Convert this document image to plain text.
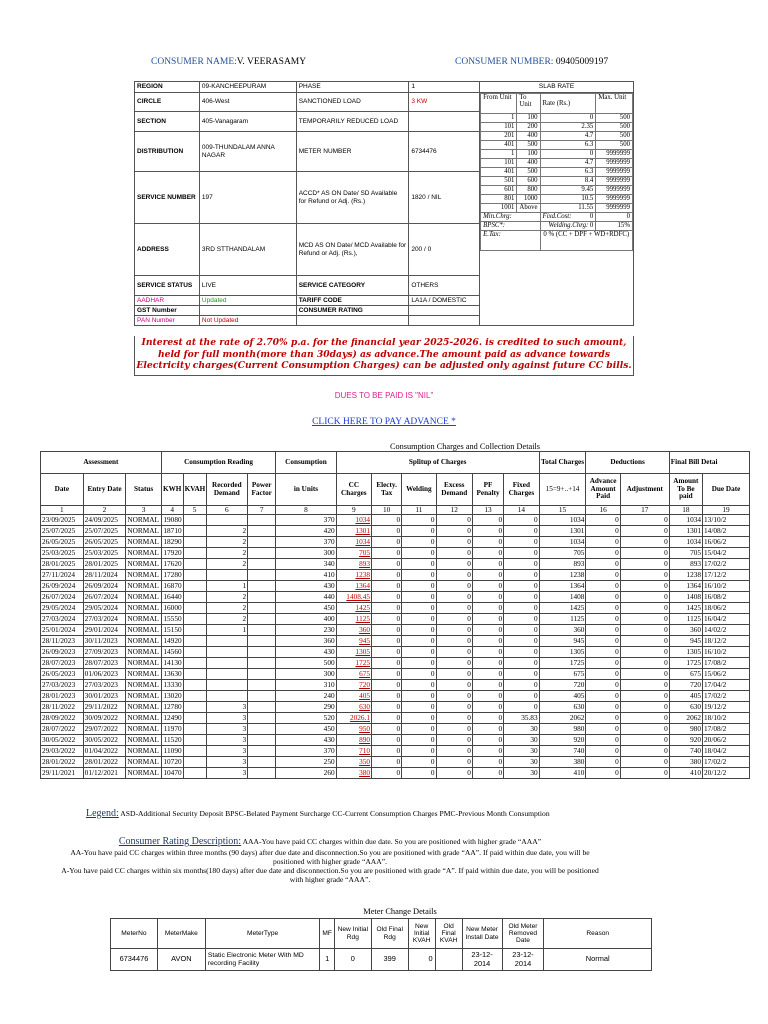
CONSUMER NAME:V. VEERASAMY	CONSUMER NUMBER: 09405009197
REGION	09-KANCHEEPURAM	PHASE	1	SLAB RATE
CIRCLE	406-West	SANCTIONED LOAD	3 KW	
From Unit	To Unit	Rate (Rs.)	Max. Unit
1	100	0	500
101	200	2.35	500
201	400	4.7	500
401	500	6.3	500
1	100	0	9999999
101	400	4.7	9999999
401	500	6.3	9999999
501	600	8.4	9999999
601	800	9.45	9999999
801	1000	10.5	9999999
1001	Above	11.55	9999999
Min.Chrg:	Fixd.Cost:	0	0
BPSC*:	Welding.Chrg: 0	15%
E.Tax:	0 % (CC + DPF + WD+RDFC)

SECTION	405-Vanagaram	TEMPORARILY REDUCED LOAD	
DISTRIBUTION	009-THUNDALAM ANNA NAGAR	METER NUMBER	6734476
SERVICE NUMBER	197	ACCD* AS ON Date/ SD Available for Refund or Adj. (Rs.)	1820 / NIL
ADDRESS	3RD STTHANDALAM	MCD AS ON Date/ MCD Available for Refund or Adj. (Rs.),	200 / 0
SERVICE STATUS	LIVE	SERVICE CATEGORY	OTHERS
AADHAR	Updated	TARIFF CODE	LA1A / DOMESTIC
GST Number		CONSUMER RATING	
PAN Number	Not Updated		
Interest at the rate of 2.70% p.a. for the financial year 2025-2026. is credited to such amount, held for full month(more than 30days) as advance.The amount paid as advance towards Electricity charges(Current Consumption Charges) can be adjusted only against future CC bills.
DUES TO BE PAID IS "NIL"
CLICK HERE TO PAY ADVANCE *
Consumption Charges and Collection Details
Assessment			Consumption Reading				Consumption	Splitup of Charges						Total Charges	Deductions		Final Bill Detai	
Date	Entry Date	Status	KWH	KVAH	Recorded Demand	Power Factor	in Units	CC Charges	Electy. Tax	Welding	Excess Demand	PF Penalty	Fixed Charges	15=9+..+14	Advance Amount Paid	Adjustment	Amount To Be paid	Due Date
1	2	3	4	5	6	7	8	9	10	11	12	13	14	15	16	17	18	19
23/09/2025	24/09/2025	NORMAL	19080				370	1034	0	0	0	0	0	1034	0	0	1034	13/10/2
25/07/2025	25/07/2025	NORMAL	18710		2		420	1301	0	0	0	0	0	1301	0	0	1301	14/08/2
26/05/2025	26/05/2025	NORMAL	18290		2		370	1034	0	0	0	0	0	1034	0	0	1034	16/06/2
25/03/2025	25/03/2025	NORMAL	17920		2		300	705	0	0	0	0	0	705	0	0	705	15/04/2
28/01/2025	28/01/2025	NORMAL	17620		2		340	893	0	0	0	0	0	893	0	0	893	17/02/2
27/11/2024	28/11/2024	NORMAL	17280				410	1238	0	0	0	0	0	1238	0	0	1238	17/12/2
26/09/2024	26/09/2024	NORMAL	16870		1		430	1364	0	0	0	0	0	1364	0	0	1364	16/10/2
26/07/2024	26/07/2024	NORMAL	16440		2		440	1408.45	0	0	0	0	0	1408	0	0	1408	16/08/2
29/05/2024	29/05/2024	NORMAL	16000		2		450	1425	0	0	0	0	0	1425	0	0	1425	18/06/2
27/03/2024	27/03/2024	NORMAL	15550		2		400	1125	0	0	0	0	0	1125	0	0	1125	16/04/2
25/01/2024	29/01/2024	NORMAL	15150		1		230	360	0	0	0	0	0	360	0	0	360	14/02/2
28/11/2023	30/11/2023	NORMAL	14920				360	945	0	0	0	0	0	945	0	0	945	18/12/2
26/09/2023	27/09/2023	NORMAL	14560				430	1305	0	0	0	0	0	1305	0	0	1305	16/10/2
28/07/2023	28/07/2023	NORMAL	14130				500	1725	0	0	0	0	0	1725	0	0	1725	17/08/2
26/05/2023	01/06/2023	NORMAL	13630				300	675	0	0	0	0	0	675	0	0	675	15/06/2
27/03/2023	27/03/2023	NORMAL	13330				310	720	0	0	0	0	0	720	0	0	720	17/04/2
28/01/2023	30/01/2023	NORMAL	13020				240	405	0	0	0	0	0	405	0	0	405	17/02/2
28/11/2022	29/11/2022	NORMAL	12780		3		290	630	0	0	0	0	0	630	0	0	630	19/12/2
28/09/2022	30/09/2022	NORMAL	12490		3		520	2026.1	0	0	0	0	35.83	2062	0	0	2062	18/10/2
28/07/2022	29/07/2022	NORMAL	11970		3		450	950	0	0	0	0	30	980	0	0	980	17/08/2
30/05/2022	30/05/2022	NORMAL	11520		3		430	890	0	0	0	0	30	920	0	0	920	20/06/2
29/03/2022	01/04/2022	NORMAL	11090		3		370	710	0	0	0	0	30	740	0	0	740	18/04/2
28/01/2022	28/01/2022	NORMAL	10720		3		250	350	0	0	0	0	30	380	0	0	380	17/02/2
29/11/2021	01/12/2021	NORMAL	10470		3		260	380	0	0	0	0	30	410	0	0	410	20/12/2
Legend: ASD-Additional Security Deposit BPSC-Belated Payment Surcharge CC-Current Consumption Charges PMC-Previous Month Consumption
Consumer Rating Description: AAA-You have paid CC charges within due date. So you are positioned with higher grade “AAA”
AA-You have paid CC charges within three months (90 days) after due date and disconnection.So you are positioned with grade “AA”. If paid within due date, you will be positioned with higher grade “AAA”.
A-You have paid CC charges within six months(180 days) after due date and disconnection.So you are positioned with grade “A”. If paid within due date, you will be positioned with higher grade “AAA”.
Meter Change Details
MeterNo	MeterMake	MeterType	MF	New Initial Rdg	Old Final Rdg	New Initial KVAH	Old Final KVAH	New Meter Install Date	Old Meter Removed Date	Reason
6734476	AVON	Static Electronic Meter With MD recording Facility	1	0	399	0		23-12-2014	23-12-2014	Normal
